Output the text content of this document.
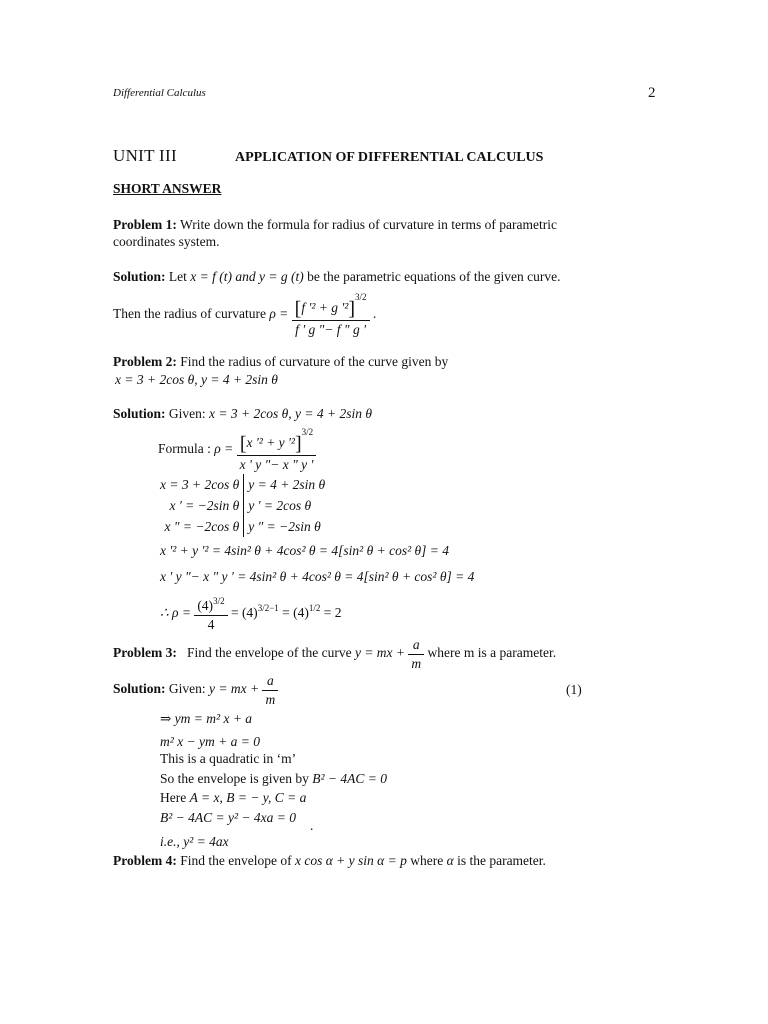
Differential Calculus	2
UNIT III	APPLICATION OF DIFFERENTIAL CALCULUS
SHORT ANSWER
Problem 1: Write down the formula for radius of curvature in terms of parametric
coordinates system.
Solution: Let x = f (t) and y = g (t) be the parametric equations of the given curve.
Then the radius of curvature $\rho = \frac{[f '^2 + g '^2]^{3/2}}{f ' g "- f " g '}$ .
Problem 2: Find the radius of curvature of the curve given by
x = 3 + 2cos θ, y = 4 + 2sin θ
Solution: Given: x = 3 + 2cos θ, y = 4 + 2sin θ
Formula : $\rho = \frac{[x '^2 + y '^2]^{3/2}}{x ' y "- x " y '}$
x = 3 + 2cos θ	y = 4 + 2sin θ
x ' = −2sin θ	y ' = 2cos θ
x " = −2cos θ	y " = −2sin θ
x '² + y '² = 4sin² θ + 4cos² θ = 4[sin² θ + cos² θ] = 4
x ' y "− x " y ' = 4sin² θ + 4cos² θ = 4[sin² θ + cos² θ] = 4
∴ $\rho = \frac{(4)^{3/2}}{4} = (4)^{3/2-1} = (4)^{1/2} = 2$
Problem 3: Find the envelope of the curve y = mx + $\frac{a}{m}$ where m is a parameter.
Solution: Given: y = mx + $\frac{a}{m}$	(1)
⇒ ym = m² x + a
m² x − ym + a = 0
This is a quadratic in ‘m’
So the envelope is given by B² − 4AC = 0
Here A = x, B = − y, C = a
B² − 4AC = y² − 4xa = 0
.
i.e., y² = 4ax
Problem 4: Find the envelope of x cos α + y sin α = p where α is the parameter.
